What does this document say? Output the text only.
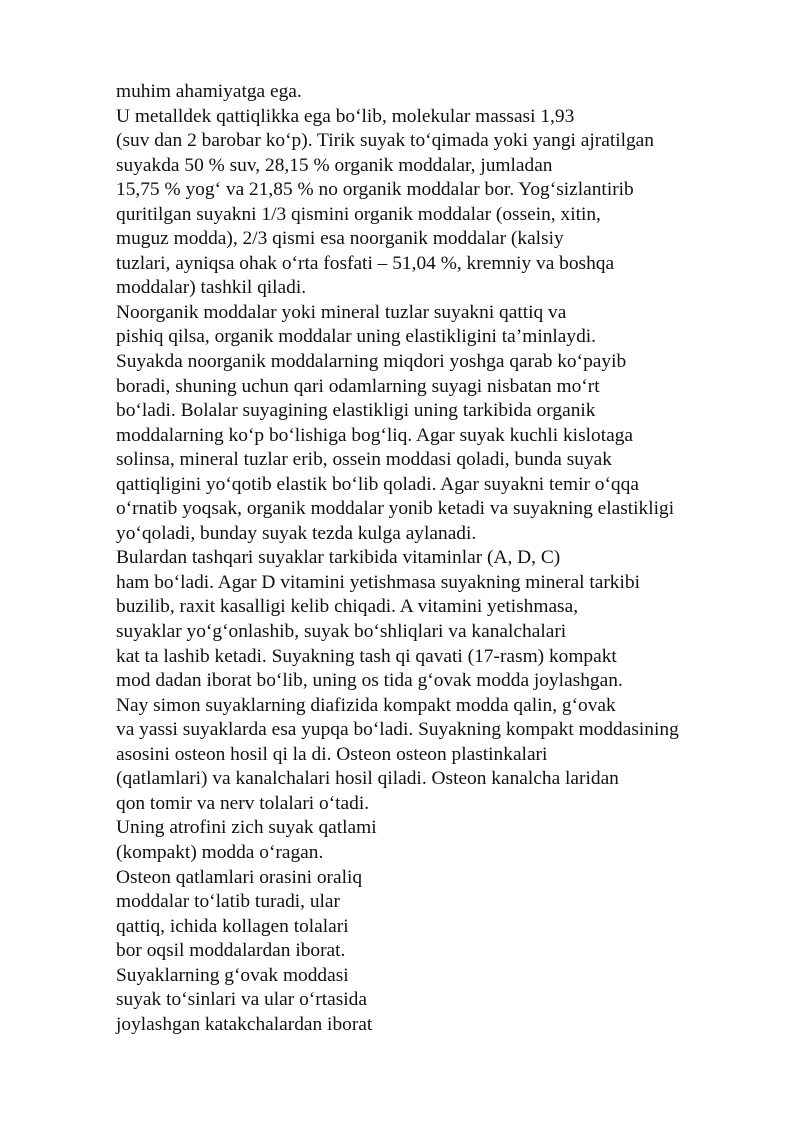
muhim ahamiyatga ega.
U metalldek qattiqlikka ega bo‘lib, molekular massasi 1,93
(suv dan 2 barobar ko‘p). Tirik suyak to‘qimada yoki yangi ajratilgan
suyakda 50 % suv, 28,15 % organik moddalar, jumladan
15,75 % yog‘ va 21,85 % no organik moddalar bor. Yog‘sizlantirib
quritilgan suyakni 1/3 qismini organik moddalar (ossein, xitin,
muguz modda), 2/3 qismi esa noorganik moddalar (kalsiy
tuzlari, ayniqsa ohak o‘rta fosfati – 51,04 %, kremniy va boshqa
moddalar) tashkil qiladi.
Noorganik moddalar yoki mineral tuzlar suyakni qattiq va
pishiq qilsa, organik moddalar uning elastikligini ta’minlaydi.
Suyakda noorganik moddalarning miqdori yoshga qarab ko‘payib
boradi, shuning uchun qari odamlarning suyagi nisbatan mo‘rt
bo‘ladi. Bolalar suyagining elastikligi uning tarkibida organik
moddalarning ko‘p bo‘lishiga bog‘liq. Agar suyak kuchli kislotaga
solinsa, mineral tuzlar erib, ossein moddasi qoladi, bunda suyak
qattiqligini yo‘qotib elastik bo‘lib qoladi. Agar suyakni temir o‘qqa
o‘rnatib yoqsak, organik moddalar yonib ketadi va suyakning elastikligi
yo‘qoladi, bunday suyak tezda kulga aylanadi.
Bulardan tashqari suyaklar tarkibida vitaminlar (A, D, C)
ham bo‘ladi. Agar D vitamini yetishmasa suyakning mineral tarkibi
buzilib, raxit kasalligi kelib chiqadi. A vitamini yetishmasa,
suyaklar yo‘g‘onlashib, suyak bo‘shliqlari va kanalchalari
kat ta lashib ketadi. Suyakning tash qi qavati (17-rasm) kompakt
mod dadan iborat bo‘lib, uning os tida g‘ovak modda joylashgan.
Nay simon suyaklarning diafizida kompakt modda qalin, g‘ovak
va yassi suyaklarda esa yupqa bo‘ladi. Suyakning kompakt moddasining
asosini osteon hosil qi la di. Osteon osteon plastinkalari
(qatlamlari) va kanalchalari hosil qiladi. Osteon kanalcha laridan
qon tomir va nerv tolalari o‘tadi.
Uning atrofini zich suyak qatlami
(kompakt) modda o‘ragan.
Osteon qatlamlari orasini oraliq
moddalar to‘latib turadi, ular
qattiq, ichida kollagen tolalari
bor oqsil moddalardan iborat.
Suyaklarning g‘ovak moddasi
suyak to‘sinlari va ular o‘rtasida
joylashgan katakchalardan iborat
